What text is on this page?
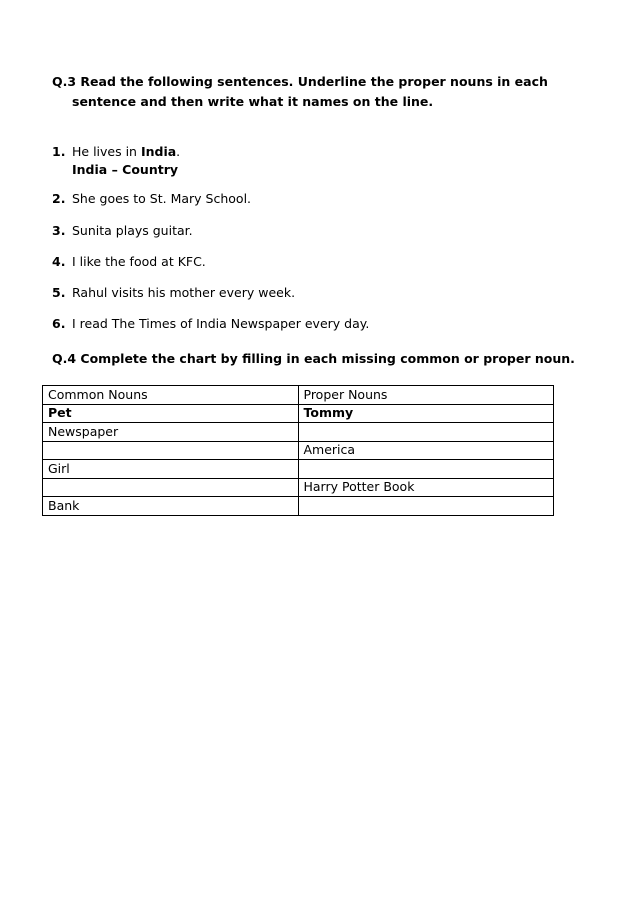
Q.3 Read the following sentences. Underline the proper nouns in each
sentence and then write what it names on the line.
1. He lives in India.
India – Country
2. She goes to St. Mary School.
3. Sunita plays guitar.
4. I like the food at KFC.
5. Rahul visits his mother every week.
6. I read The Times of India Newspaper every day.
Q.4 Complete the chart by filling in each missing common or proper noun.
Common Nouns	Proper Nouns
Pet	Tommy
Newspaper	
	America
Girl	
	Harry Potter Book
Bank	
